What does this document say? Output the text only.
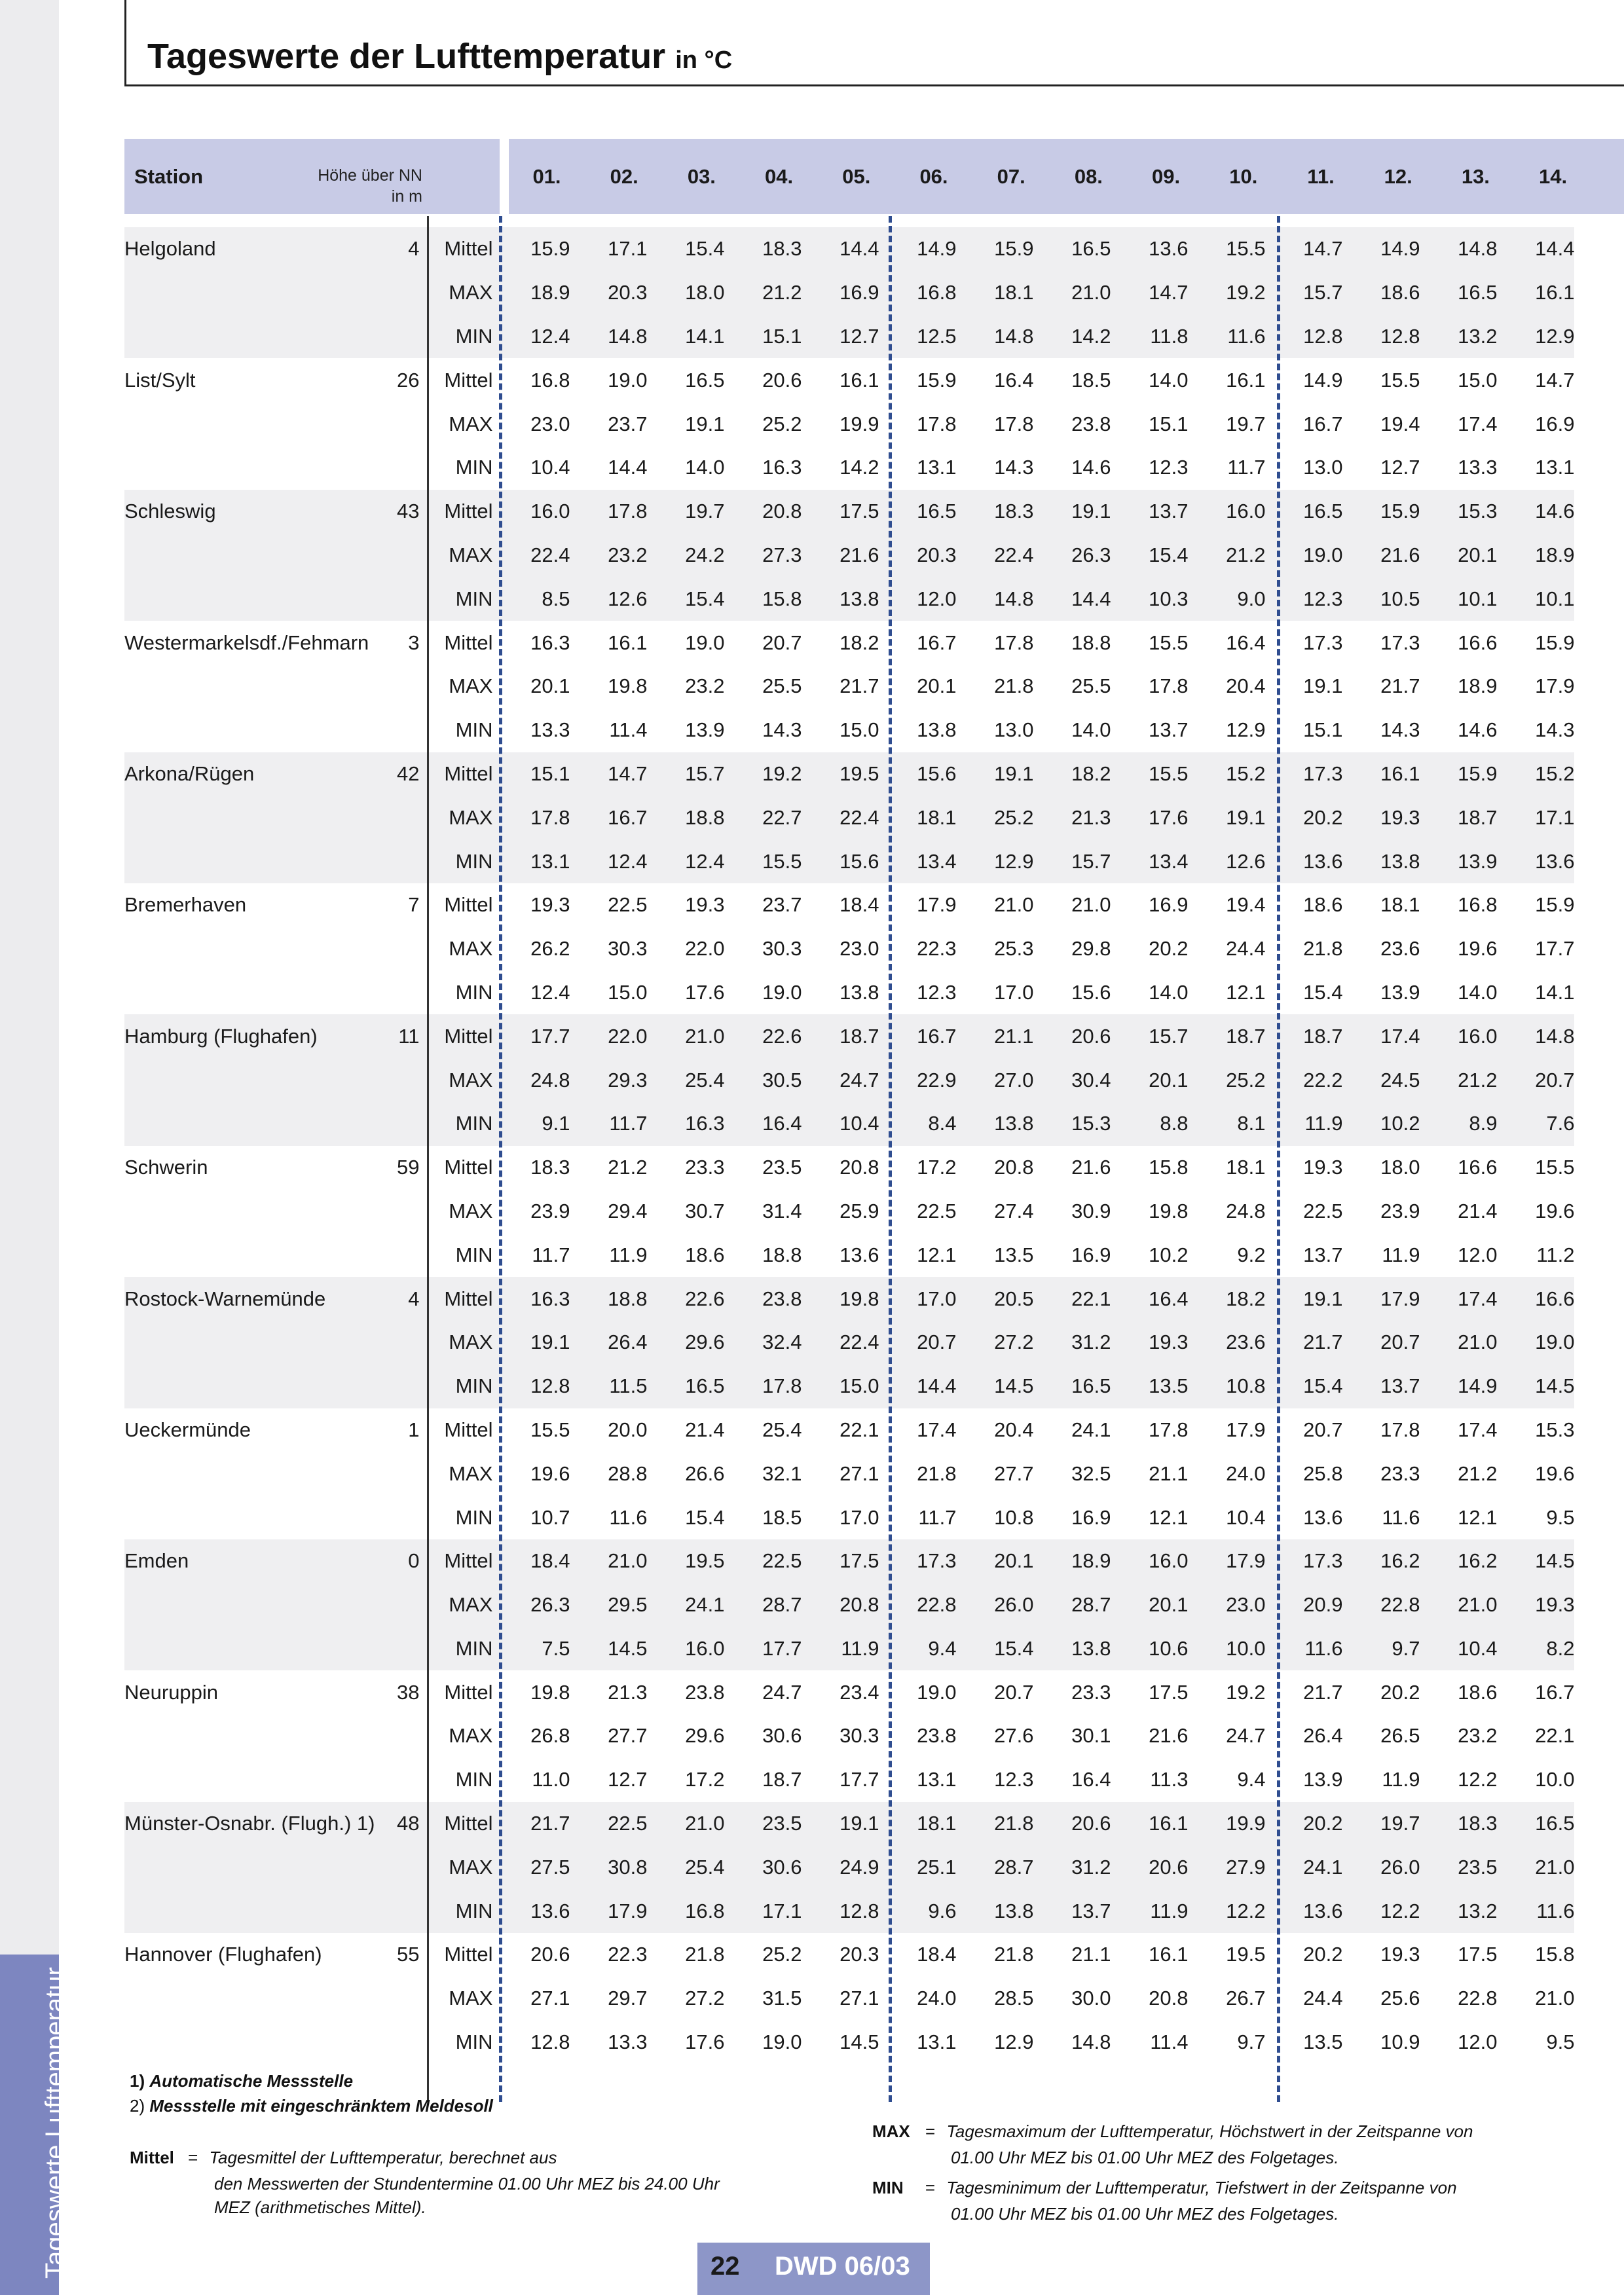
Tageswerte Lufttemperatur
Tageswerte der Lufttemperatur in °C
Station	Höhe über NN
in m
01.	02.	03.	04.	05.	06.	07.	08.	09.	10.	11.	12.	13.	14.
Helgoland	4	Mittel	15.9	17.1	15.4	18.3	14.4	14.9	15.9	16.5	13.6	15.5	14.7	14.9	14.8	14.4
		MAX	18.9	20.3	18.0	21.2	16.9	16.8	18.1	21.0	14.7	19.2	15.7	18.6	16.5	16.1
		MIN	12.4	14.8	14.1	15.1	12.7	12.5	14.8	14.2	11.8	11.6	12.8	12.8	13.2	12.9
List/Sylt	26	Mittel	16.8	19.0	16.5	20.6	16.1	15.9	16.4	18.5	14.0	16.1	14.9	15.5	15.0	14.7
		MAX	23.0	23.7	19.1	25.2	19.9	17.8	17.8	23.8	15.1	19.7	16.7	19.4	17.4	16.9
		MIN	10.4	14.4	14.0	16.3	14.2	13.1	14.3	14.6	12.3	11.7	13.0	12.7	13.3	13.1
Schleswig	43	Mittel	16.0	17.8	19.7	20.8	17.5	16.5	18.3	19.1	13.7	16.0	16.5	15.9	15.3	14.6
		MAX	22.4	23.2	24.2	27.3	21.6	20.3	22.4	26.3	15.4	21.2	19.0	21.6	20.1	18.9
		MIN	8.5	12.6	15.4	15.8	13.8	12.0	14.8	14.4	10.3	9.0	12.3	10.5	10.1	10.1
Westermarkelsdf./Fehmarn	3	Mittel	16.3	16.1	19.0	20.7	18.2	16.7	17.8	18.8	15.5	16.4	17.3	17.3	16.6	15.9
		MAX	20.1	19.8	23.2	25.5	21.7	20.1	21.8	25.5	17.8	20.4	19.1	21.7	18.9	17.9
		MIN	13.3	11.4	13.9	14.3	15.0	13.8	13.0	14.0	13.7	12.9	15.1	14.3	14.6	14.3
Arkona/Rügen	42	Mittel	15.1	14.7	15.7	19.2	19.5	15.6	19.1	18.2	15.5	15.2	17.3	16.1	15.9	15.2
		MAX	17.8	16.7	18.8	22.7	22.4	18.1	25.2	21.3	17.6	19.1	20.2	19.3	18.7	17.1
		MIN	13.1	12.4	12.4	15.5	15.6	13.4	12.9	15.7	13.4	12.6	13.6	13.8	13.9	13.6
Bremerhaven	7	Mittel	19.3	22.5	19.3	23.7	18.4	17.9	21.0	21.0	16.9	19.4	18.6	18.1	16.8	15.9
		MAX	26.2	30.3	22.0	30.3	23.0	22.3	25.3	29.8	20.2	24.4	21.8	23.6	19.6	17.7
		MIN	12.4	15.0	17.6	19.0	13.8	12.3	17.0	15.6	14.0	12.1	15.4	13.9	14.0	14.1
Hamburg (Flughafen)	11	Mittel	17.7	22.0	21.0	22.6	18.7	16.7	21.1	20.6	15.7	18.7	18.7	17.4	16.0	14.8
		MAX	24.8	29.3	25.4	30.5	24.7	22.9	27.0	30.4	20.1	25.2	22.2	24.5	21.2	20.7
		MIN	9.1	11.7	16.3	16.4	10.4	8.4	13.8	15.3	8.8	8.1	11.9	10.2	8.9	7.6
Schwerin	59	Mittel	18.3	21.2	23.3	23.5	20.8	17.2	20.8	21.6	15.8	18.1	19.3	18.0	16.6	15.5
		MAX	23.9	29.4	30.7	31.4	25.9	22.5	27.4	30.9	19.8	24.8	22.5	23.9	21.4	19.6
		MIN	11.7	11.9	18.6	18.8	13.6	12.1	13.5	16.9	10.2	9.2	13.7	11.9	12.0	11.2
Rostock-Warnemünde	4	Mittel	16.3	18.8	22.6	23.8	19.8	17.0	20.5	22.1	16.4	18.2	19.1	17.9	17.4	16.6
		MAX	19.1	26.4	29.6	32.4	22.4	20.7	27.2	31.2	19.3	23.6	21.7	20.7	21.0	19.0
		MIN	12.8	11.5	16.5	17.8	15.0	14.4	14.5	16.5	13.5	10.8	15.4	13.7	14.9	14.5
Ueckermünde	1	Mittel	15.5	20.0	21.4	25.4	22.1	17.4	20.4	24.1	17.8	17.9	20.7	17.8	17.4	15.3
		MAX	19.6	28.8	26.6	32.1	27.1	21.8	27.7	32.5	21.1	24.0	25.8	23.3	21.2	19.6
		MIN	10.7	11.6	15.4	18.5	17.0	11.7	10.8	16.9	12.1	10.4	13.6	11.6	12.1	9.5
Emden	0	Mittel	18.4	21.0	19.5	22.5	17.5	17.3	20.1	18.9	16.0	17.9	17.3	16.2	16.2	14.5
		MAX	26.3	29.5	24.1	28.7	20.8	22.8	26.0	28.7	20.1	23.0	20.9	22.8	21.0	19.3
		MIN	7.5	14.5	16.0	17.7	11.9	9.4	15.4	13.8	10.6	10.0	11.6	9.7	10.4	8.2
Neuruppin	38	Mittel	19.8	21.3	23.8	24.7	23.4	19.0	20.7	23.3	17.5	19.2	21.7	20.2	18.6	16.7
		MAX	26.8	27.7	29.6	30.6	30.3	23.8	27.6	30.1	21.6	24.7	26.4	26.5	23.2	22.1
		MIN	11.0	12.7	17.2	18.7	17.7	13.1	12.3	16.4	11.3	9.4	13.9	11.9	12.2	10.0
Münster-Osnabr. (Flugh.) 1)	48	Mittel	21.7	22.5	21.0	23.5	19.1	18.1	21.8	20.6	16.1	19.9	20.2	19.7	18.3	16.5
		MAX	27.5	30.8	25.4	30.6	24.9	25.1	28.7	31.2	20.6	27.9	24.1	26.0	23.5	21.0
		MIN	13.6	17.9	16.8	17.1	12.8	9.6	13.8	13.7	11.9	12.2	13.6	12.2	13.2	11.6
Hannover (Flughafen)	55	Mittel	20.6	22.3	21.8	25.2	20.3	18.4	21.8	21.1	16.1	19.5	20.2	19.3	17.5	15.8
		MAX	27.1	29.7	27.2	31.5	27.1	24.0	28.5	30.0	20.8	26.7	24.4	25.6	22.8	21.0
		MIN	12.8	13.3	17.6	19.0	14.5	13.1	12.9	14.8	11.4	9.7	13.5	10.9	12.0	9.5
1) Automatische Messstelle
2) Messstelle mit eingeschränktem Meldesoll
Mittel = Tagesmittel der Lufttemperatur, berechnet aus
den Messwerten der Stundentermine 01.00 Uhr MEZ bis 24.00 Uhr
MEZ (arithmetisches Mittel).
MAX = Tagesmaximum der Lufttemperatur, Höchstwert in der Zeitspanne von
01.00 Uhr MEZ bis 01.00 Uhr MEZ des Folgetages.
MIN = Tagesminimum der Lufttemperatur, Tiefstwert in der Zeitspanne von
01.00 Uhr MEZ bis 01.00 Uhr MEZ des Folgetages.
22 DWD 06/03
